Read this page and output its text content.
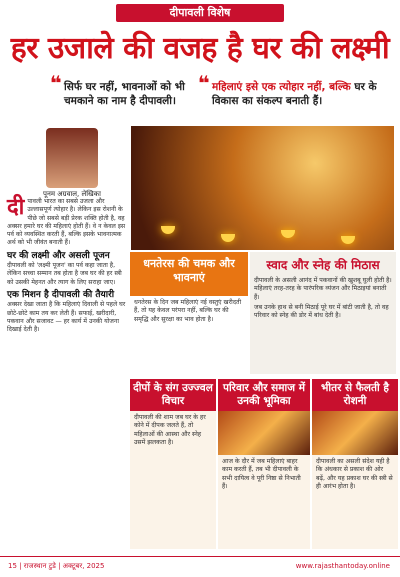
दीपावली विशेष
हर उजाले की वजह है घर की लक्ष्मी
❝ सिर्फ घर नहीं, भावनाओं को भी चमकाने का नाम है दीपावली।
❝ महिलाएं इसे एक त्योहार नहीं, बल्कि घर के विकास का संकल्प बनाती हैं।
पूनम अग्रवाल, लेखिका

दीपावली भारत का सबसे उजला और उल्लासपूर्ण त्योहार है। लेकिन इस रोशनी के पीछे जो सबसे बड़ी प्रेरक शक्ति होती है, वह अक्सर हमारे घर की महिलाएं होती हैं। वे न केवल इस पर्व को व्यवस्थित करती हैं, बल्कि इसके भावनात्मक अर्थ को भी जीवंत बनाती हैं।

घर की लक्ष्मी और असली पूजन

दीपावली को 'लक्ष्मी पूजन' का पर्व कहा जाता है, लेकिन सच्चा सम्मान तब होता है जब घर की हर स्त्री को उसकी मेहनत और त्याग के लिए सराहा जाए।

एक मिशन है दीपावली की तैयारी

अक्सर देखा जाता है कि महिलाएं दिवाली से पहले घर छोटे-छोटे काम तय कर लेती हैं। सफाई, खरीदारी, पकवान और सजावट — हर कार्य में उनकी योजना दिखाई देती है।

धनतेरस की चमक और भावनाएं
धनतेरस के दिन जब महिलाएं नई वस्तुएं खरीदती हैं, तो यह केवल परंपरा नहीं, बल्कि घर की समृद्धि और सुरक्षा का भाव होता है।
स्वाद और स्नेह की मिठास

दीपावली के असली आनंद में पकवानों की खुशबू घुली होती है। महिलाएं तरह-तरह के पारंपरिक व्यंजन और मिठाइयां बनाती हैं।

जब उनके हाथ से बनी मिठाई पूरे घर में बांटी जाती है, तो वह परिवार को स्नेह की डोर में बांध देती है।

दीपों के संग उज्ज्वल विचार
दीपावली की शाम जब घर के हर कोने में दीपक जलते हैं, तो महिलाओं की आस्था और स्नेह उसमें झलकता है।
परिवार और समाज में उनकी भूमिका
आज के दौर में जब महिलाएं बाहर काम करती हैं, तब भी दीपावली के सभी दायित्व वे पूरी निष्ठा से निभाती हैं।
भीतर से फैलती है रोशनी
दीपावली का असली संदेश यही है कि अंधकार से प्रकाश की ओर बढ़ें, और यह प्रकाश घर की स्त्री से ही आरंभ होता है।
15 | राजस्थान टुडे | अक्टूबर, 2025	www.rajasthantoday.online
